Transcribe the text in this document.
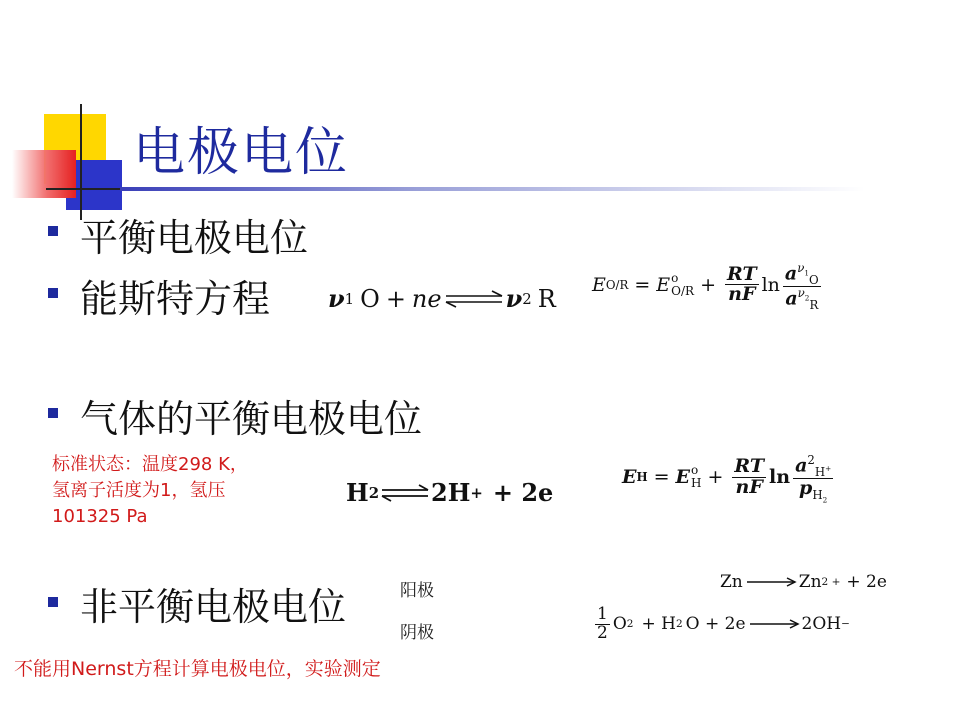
电极电位
平衡电极电位
能斯特方程
气体的平衡电极电位
非平衡电极电位
ν 1 O + ne ⇌ ν 2 R E O/R = E o
$O/R + \frac{RT}{nF}$ $\ln \frac{a^{\nu_1}_O}{a^{\nu_2}_R}$
标准状态：温度298 K，
氢离子活度为1，氢压
101325 Pa
H 2 ⇌ 2H + + 2e
E H = E o
$H + \frac{RT}{nF}$ $\ln \frac{a^2_{H^+}}{p_{H_2}}$
阳极
阴极
Zn	Zn 2 + + 2e
$\frac{1}{2}$ O 2 + H 2 O + 2e	2OH −
不能用Nernst方程计算电极电位，实验测定
